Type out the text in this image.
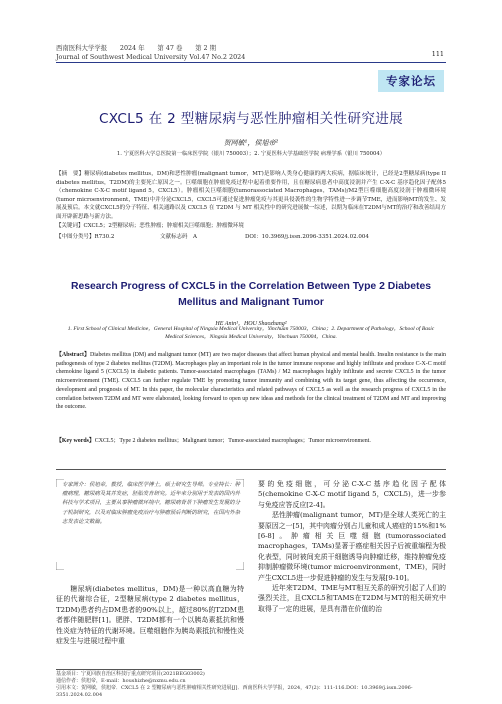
西南医科大学学报　　2024 年　　第 47 卷　　第 2 期
Journal of Southwest Medical University Vol.47 No.2 2024	111
专家论坛
CXCL5 在 2 型糖尿病与恶性肿瘤相关性研究进展
贺网敏¹，侯旭帝²
1. 宁夏医科大学总医院第一临床医学院（银川 750003）；2. 宁夏医科大学基础医学院 病理学系（银川 750004）
【摘　要】糖尿病(diabetes mellitus，DM)和恶性肿瘤(malignant tumor，MT)是影响人类身心健康的两大疾病，据临床统计，已经是2型糖尿病(type II diabetes mellitus，T2DM)的主要死亡原因之一。巨噬细胞在肿瘤免疫过程中起着重要作用，且在糖尿病患者中高度浸润并产生 C-X-C 基序趋化因子配体5（chemokine C-X-C motif ligand 5，CXCL5）。肿瘤相关巨噬细胞(tumorassociated Macrophages，TAMs)/M2型巨噬细胞高度浸润于肿瘤微环境(tumor microenvironment，TME)中并分泌CXCL5，CXCL5可通过促进肿瘤免疫与其更具侵袭性的生物学特性进一步调节TME，进而影响MT的发生、发展及预后。本文就CXCL5的分子特征、相关通路以及 CXCL5 在 T2DM 与 MT 相关性中的研究进展做一综述，以期为临床在T2DM与MT的治疗和改善结局方面开辟新思路与新方法。
【关键词】CXCL5；2型糖尿病；恶性肿瘤；肿瘤相关巨噬细胞；肿瘤微环境
【中图分类号】R730.2	文献标志码　A	DOI：10.3969/j.issn.2096-3351.2024.02.004
Research Progress of CXCL5 in the Correlation Between Type 2 Diabetes
Mellitus and Malignant Tumor
HE Anin¹，HOU Shaozhang²
1. First School of Clinical Medicine，General Hospital of Ningxia Medical University，Yinchuan 750003，China；2. Department of Pathology，School of Basic Medical Sciences，Ningxia Medical University，Yinchuan 750004，China.
【Abstract】Diabetes mellitus (DM) and malignant tumor (MT) are two major diseases that affect human physical and mental health. Insulin resistance is the main pathogenesis of type 2 diabetes mellitus (T2DM). Macrophages play an important role in the tumor immune response and highly infiltrate and produce C-X-C motif chemokine ligand 5 (CXCL5) in diabetic patients. Tumor-associated macrophages (TAMs) / M2 macrophages highly infiltrate and secrete CXCL5 in the tumor microenvironment (TME). CXCL5 can further regulate TME by promoting tumor immunity and combining with its target gene, thus affecting the occurrence, development and prognosis of MT. In this paper, the molecular characteristics and related pathways of CXCL5 as well as the research progress of CXCL5 in the correlation between T2DM and MT were elaborated, looking forward to open up new ideas and methods for the clinical treatment of T2DM and MT and improving the outcome.
【Key words】CXCL5；Type 2 diabetes mellitus；Malignant tumor；Tumor-associated macrophages；Tumor microenvironment.
专家简介：侯旭帝，教授，临床医学博士，硕士研究生导师。专业特长：肿瘤病理，糖尿病及其并发症，胚胎发育研究。近年来分别用于发表的国内外科技与学术项目，主要从事肿瘤微环境中，糖尿病背景下肿瘤发生发展的分子机制研究，以及对临床肿瘤免疫治疗与肿瘤预后判断的研究，在国内外杂志发表论文数篇。
糖尿病(diabetes mellitus，DM)是一种以高血糖为特征的代谢综合征，2型糖尿病(type 2 diabetes mellitus，T2DM)患者约占DM患者的90%以上，超过80%的T2DM患者都伴随肥胖[1]。肥胖、T2DM都有一个以胰岛素抵抗和慢性炎症为特征的代谢环境。巨噬细胞作为胰岛素抵抗和慢性炎症发生与进展过程中重
要的免疫细胞，可分泌C-X-C基序趋化因子配体5(chemokine C-X-C motif ligand 5，CXCL5)，进一步参与免疫应答反应[2-4]。
恶性肿瘤(malignant tumor，MT)是全球人类死亡的主要原因之一[5]，其中肉瘤分别占儿童和成人癌症的15%和1%[6-8]。肿瘤相关巨噬细胞(tumorassociated macrophages，TAMs)显著于癌症相关因子后被重编程为极化表型，同时被间充质干细胞诱导向肿瘤迁移，维持肿瘤免疫抑制肿瘤微环境(tumor microenvironment，TME)，同时产生CXCL5进一步促进肿瘤的发生与发展[9-10]。
近年来T2DM、TME与MT相互关系的研究引起了人们的强烈关注，且CXCL5和TAMS在T2DM与MT的相关研究中取得了一定的进展，是具有潜在价值的治
基金项目：宁夏回族自治区科技厅重点研究项目(2021BEG03002)
通信作者：侯旭帝，E-mail：houshizhe@nxmu.edu.cn
引用本文：贺网敏，侯旭帝．CXCL5 在 2 型糖尿病与恶性肿瘤相关性研究进展[J]．西南医科大学学报，2024，47(2)：111-116.DOI：10.3969/j.issn.2096-3351.2024.02.004
